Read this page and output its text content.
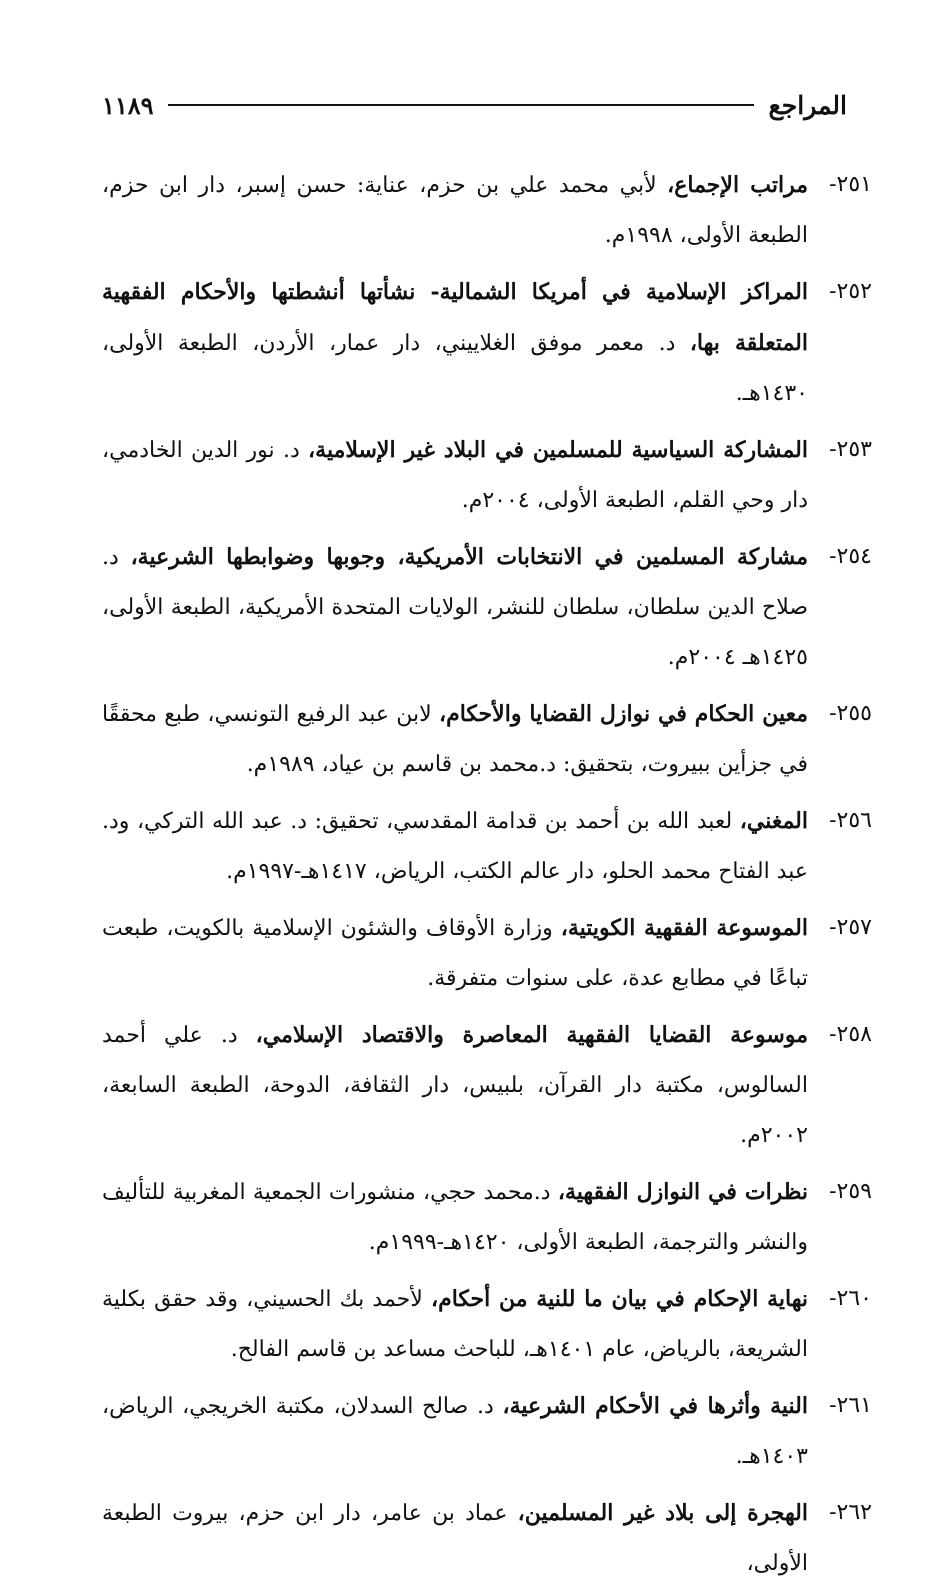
المراجع
١١٨٩
٢٥١-
مراتب الإجماع، لأبي محمد علي بن حزم، عناية: حسن إسبر، دار ابن حزم، الطبعة الأولى، ١٩٩٨م.
٢٥٢-
المراكز الإسلامية في أمريكا الشمالية- نشأتها أنشطتها والأحكام الفقهية المتعلقة بها، د. معمر موفق الغلاييني، دار عمار، الأردن، الطبعة الأولى، ١٤٣٠هـ.
٢٥٣-
المشاركة السياسية للمسلمين في البلاد غير الإسلامية، د. نور الدين الخادمي، دار وحي القلم، الطبعة الأولى، ٢٠٠٤م.
٢٥٤-
مشاركة المسلمين في الانتخابات الأمريكية، وجوبها وضوابطها الشرعية، د. صلاح الدين سلطان، سلطان للنشر، الولايات المتحدة الأمريكية، الطبعة الأولى، ١٤٢٥هـ ٢٠٠٤م.
٢٥٥-
معين الحكام في نوازل القضايا والأحكام، لابن عبد الرفيع التونسي، طبع محققًا في جزأين ببيروت، بتحقيق: د.محمد بن قاسم بن عياد، ١٩٨٩م.
٢٥٦-
المغني، لعبد الله بن أحمد بن قدامة المقدسي، تحقيق: د. عبد الله التركي، ود. عبد الفتاح محمد الحلو، دار عالم الكتب، الرياض، ١٤١٧هـ-١٩٩٧م.
٢٥٧-
الموسوعة الفقهية الكويتية، وزارة الأوقاف والشئون الإسلامية بالكويت، طبعت تباعًا في مطابع عدة، على سنوات متفرقة.
٢٥٨-
موسوعة القضايا الفقهية المعاصرة والاقتصاد الإسلامي، د. علي أحمد السالوس، مكتبة دار القرآن، بلبيس، دار الثقافة، الدوحة، الطبعة السابعة، ٢٠٠٢م.
٢٥٩-
نظرات في النوازل الفقهية، د.محمد حجي، منشورات الجمعية المغربية للتأليف والنشر والترجمة، الطبعة الأولى، ١٤٢٠هـ-١٩٩٩م.
٢٦٠-
نهاية الإحكام في بيان ما للنية من أحكام، لأحمد بك الحسيني، وقد حقق بكلية الشريعة، بالرياض، عام ١٤٠١هـ، للباحث مساعد بن قاسم الفالح.
٢٦١-
النية وأثرها في الأحكام الشرعية، د. صالح السدلان، مكتبة الخريجي، الرياض، ١٤٠٣هـ.
٢٦٢-
الهجرة إلى بلاد غير المسلمين، عماد بن عامر، دار ابن حزم، بيروت الطبعة الأولى،
